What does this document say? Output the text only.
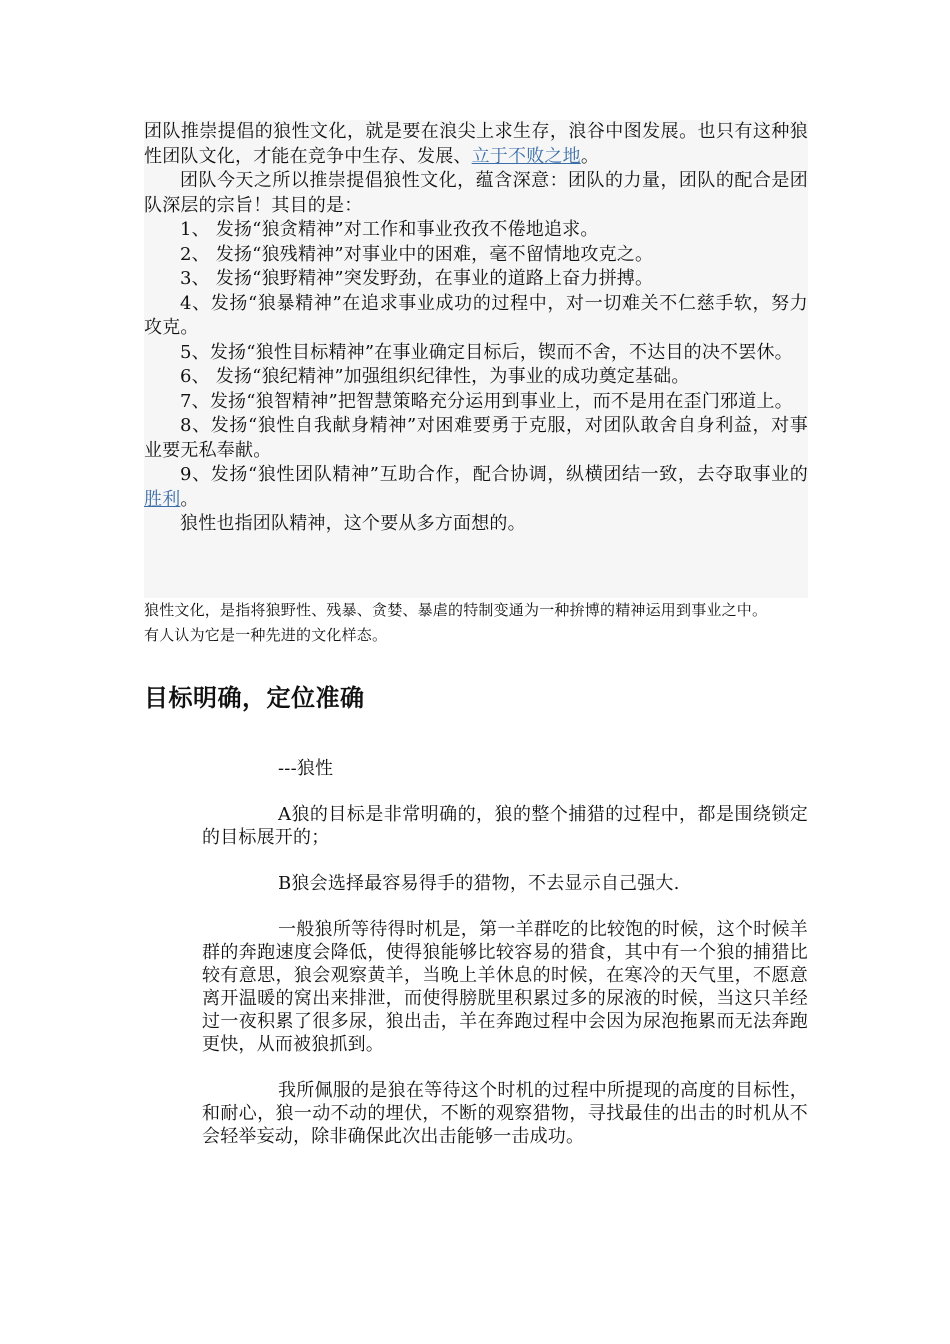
团队推崇提倡的狼性文化，就是要在浪尖上求生存，浪谷中图发展。也只有这种狼性团队文化，才能在竞争中生存、发展、立于不败之地。

团队今天之所以推崇提倡狼性文化，蕴含深意：团队的力量，团队的配合是团队深层的宗旨！其目的是：

1、 发扬“狼贪精神”对工作和事业孜孜不倦地追求。

2、 发扬“狼残精神”对事业中的困难，毫不留情地攻克之。

3、 发扬“狼野精神”突发野劲，在事业的道路上奋力拼搏。

4、发扬“狼暴精神”在追求事业成功的过程中，对一切难关不仁慈手软，努力攻克。

5、发扬“狼性目标精神”在事业确定目标后，锲而不舍，不达目的决不罢休。

6、 发扬“狼纪精神”加强组织纪律性，为事业的成功奠定基础。

7、发扬“狼智精神”把智慧策略充分运用到事业上，而不是用在歪门邪道上。

8、发扬“狼性自我献身精神”对困难要勇于克服，对团队敢舍自身利益，对事业要无私奉献。

9、发扬“狼性团队精神”互助合作，配合协调，纵横团结一致，去夺取事业的胜利。

狼性也指团队精神，这个要从多方面想的。

狼性文化，是指将狼野性、残暴、贪婪、暴虐的特制变通为一种拚博的精神运用到事业之中。

有人认为它是一种先进的文化样态。

目标明确，定位准确

---狼性

A狼的目标是非常明确的，狼的整个捕猎的过程中，都是围绕锁定的目标展开的；

B狼会选择最容易得手的猎物，不去显示自己强大.

一般狼所等待得时机是，第一羊群吃的比较饱的时候，这个时候羊群的奔跑速度会降低，使得狼能够比较容易的猎食，其中有一个狼的捕猎比较有意思，狼会观察黄羊，当晚上羊休息的时候，在寒冷的天气里，不愿意离开温暖的窝出来排泄，而使得膀胱里积累过多的尿液的时候，当这只羊经过一夜积累了很多尿，狼出击，羊在奔跑过程中会因为尿泡拖累而无法奔跑更快，从而被狼抓到。

我所佩服的是狼在等待这个时机的过程中所提现的高度的目标性，和耐心，狼一动不动的埋伏，不断的观察猎物，寻找最佳的出击的时机从不会轻举妄动，除非确保此次出击能够一击成功。
